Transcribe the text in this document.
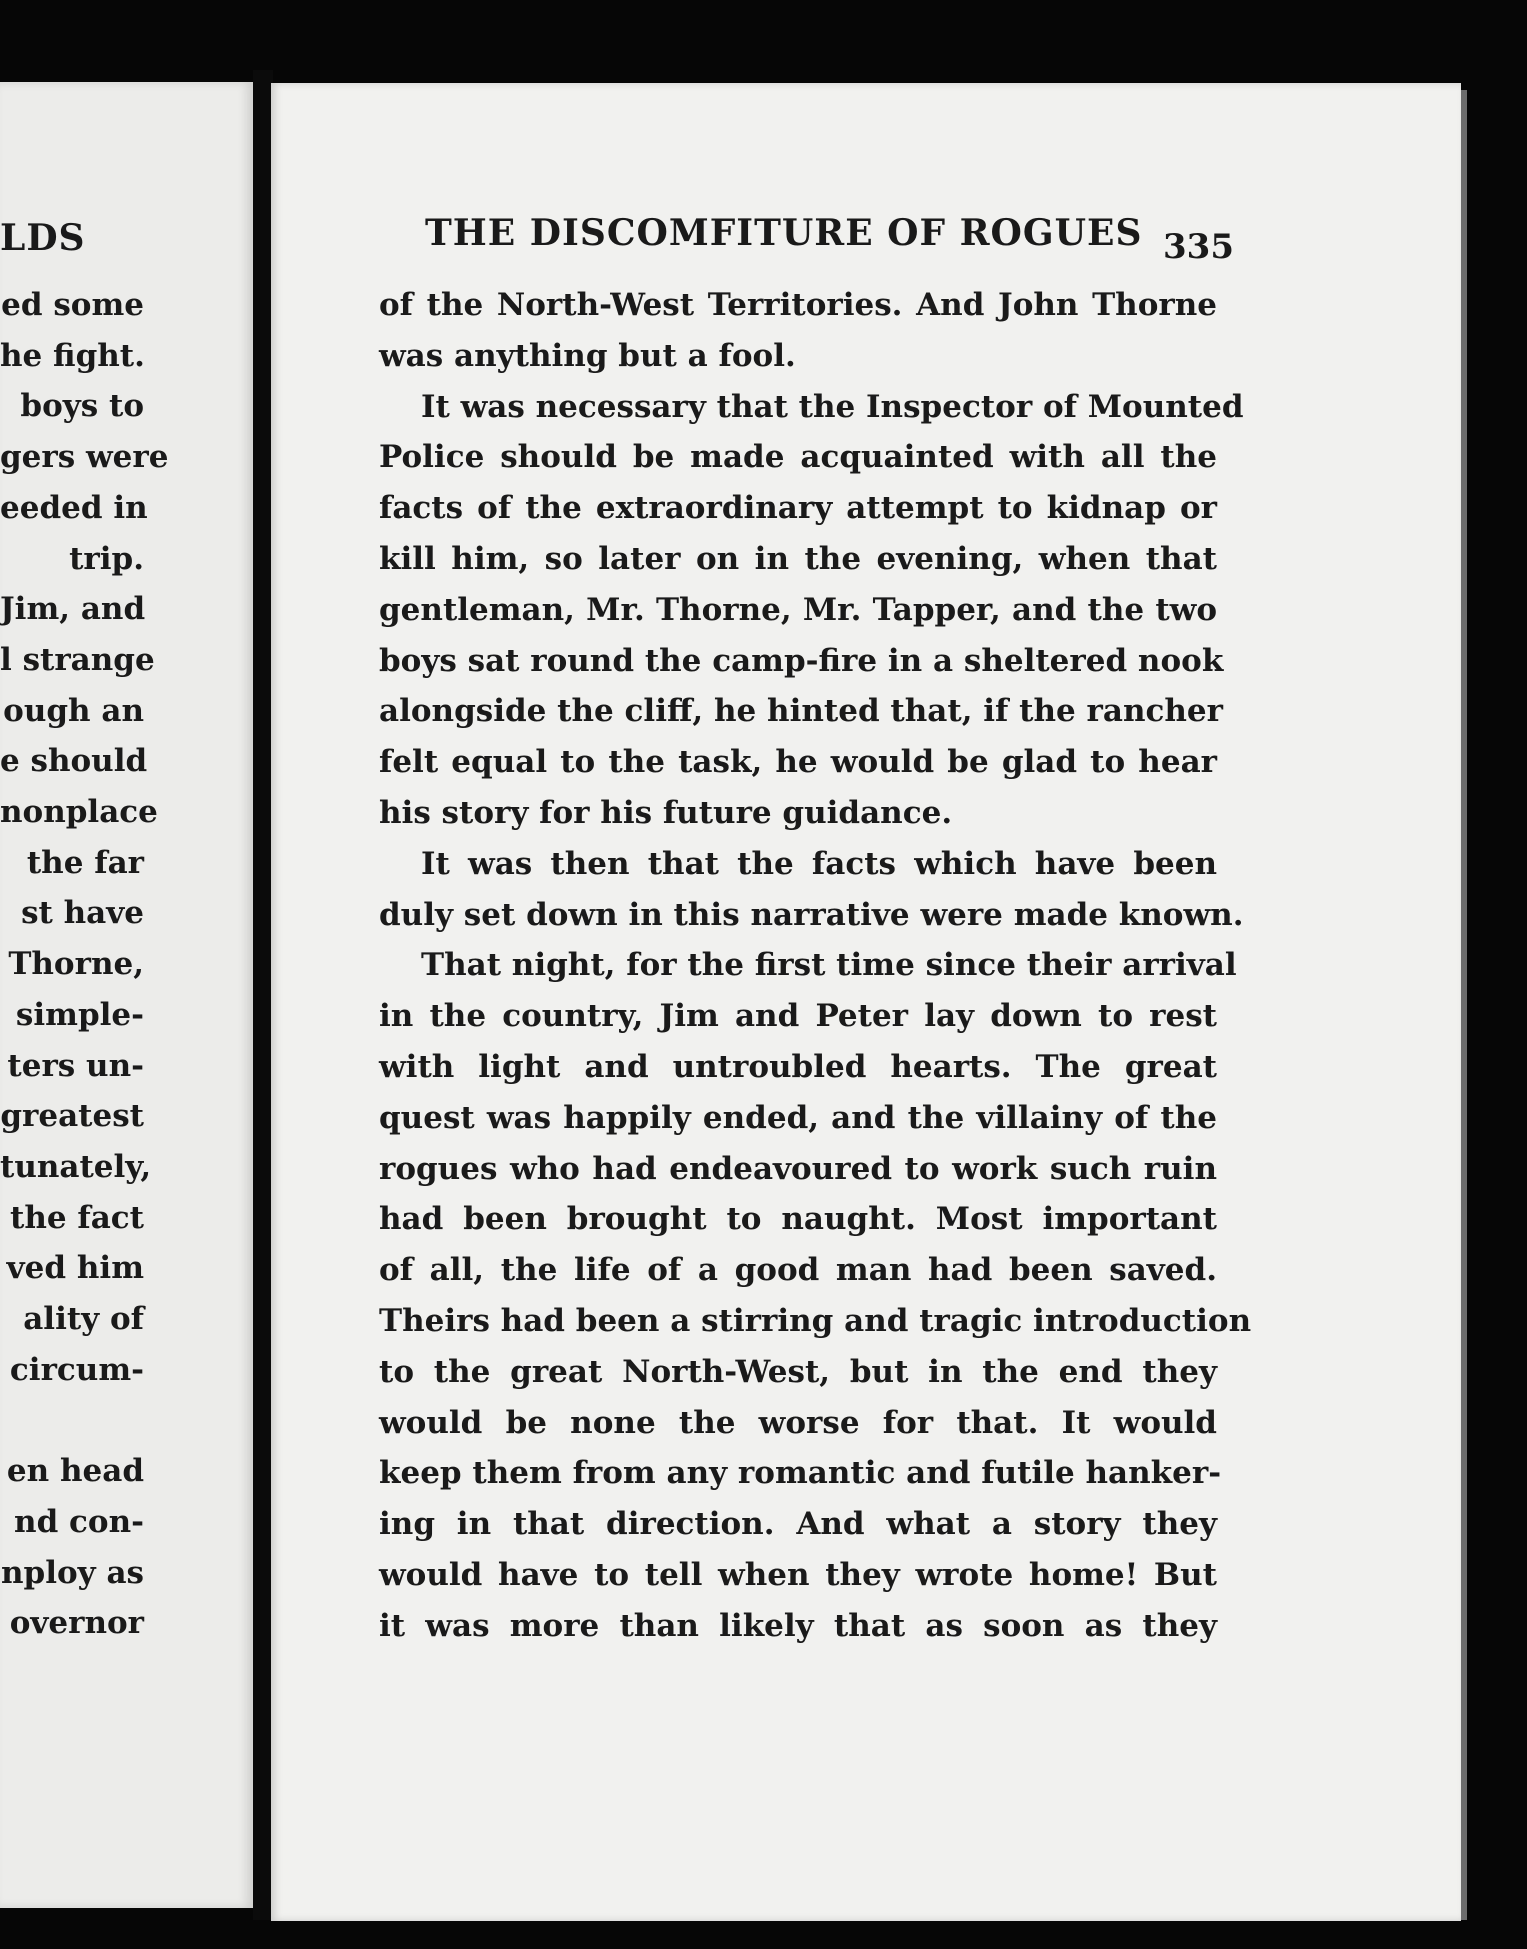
LDS
ed some
he fight.
boys to
gers were
eeded in
trip.
Jim, and
l strange
ough an
e should
nonplace
the far
st have
Thorne,
simple-
ters un-
greatest
tunately,
the fact
ved him
ality of
circum-
en head
nd con-
nploy as
overnor
THE DISCOMFITURE OF ROGUES 335
of the North-West Territories. And John Thorne
was anything but a fool.
It was necessary that the Inspector of Mounted
Police should be made acquainted with all the
facts of the extraordinary attempt to kidnap or
kill him, so later on in the evening, when that
gentleman, Mr. Thorne, Mr. Tapper, and the two
boys sat round the camp-fire in a sheltered nook
alongside the cliff, he hinted that, if the rancher
felt equal to the task, he would be glad to hear
his story for his future guidance.
It was then that the facts which have been
duly set down in this narrative were made known.
That night, for the first time since their arrival
in the country, Jim and Peter lay down to rest
with light and untroubled hearts. The great
quest was happily ended, and the villainy of the
rogues who had endeavoured to work such ruin
had been brought to naught. Most important
of all, the life of a good man had been saved.
Theirs had been a stirring and tragic introduction
to the great North-West, but in the end they
would be none the worse for that. It would
keep them from any romantic and futile hanker-
ing in that direction. And what a story they
would have to tell when they wrote home! But
it was more than likely that as soon as they
